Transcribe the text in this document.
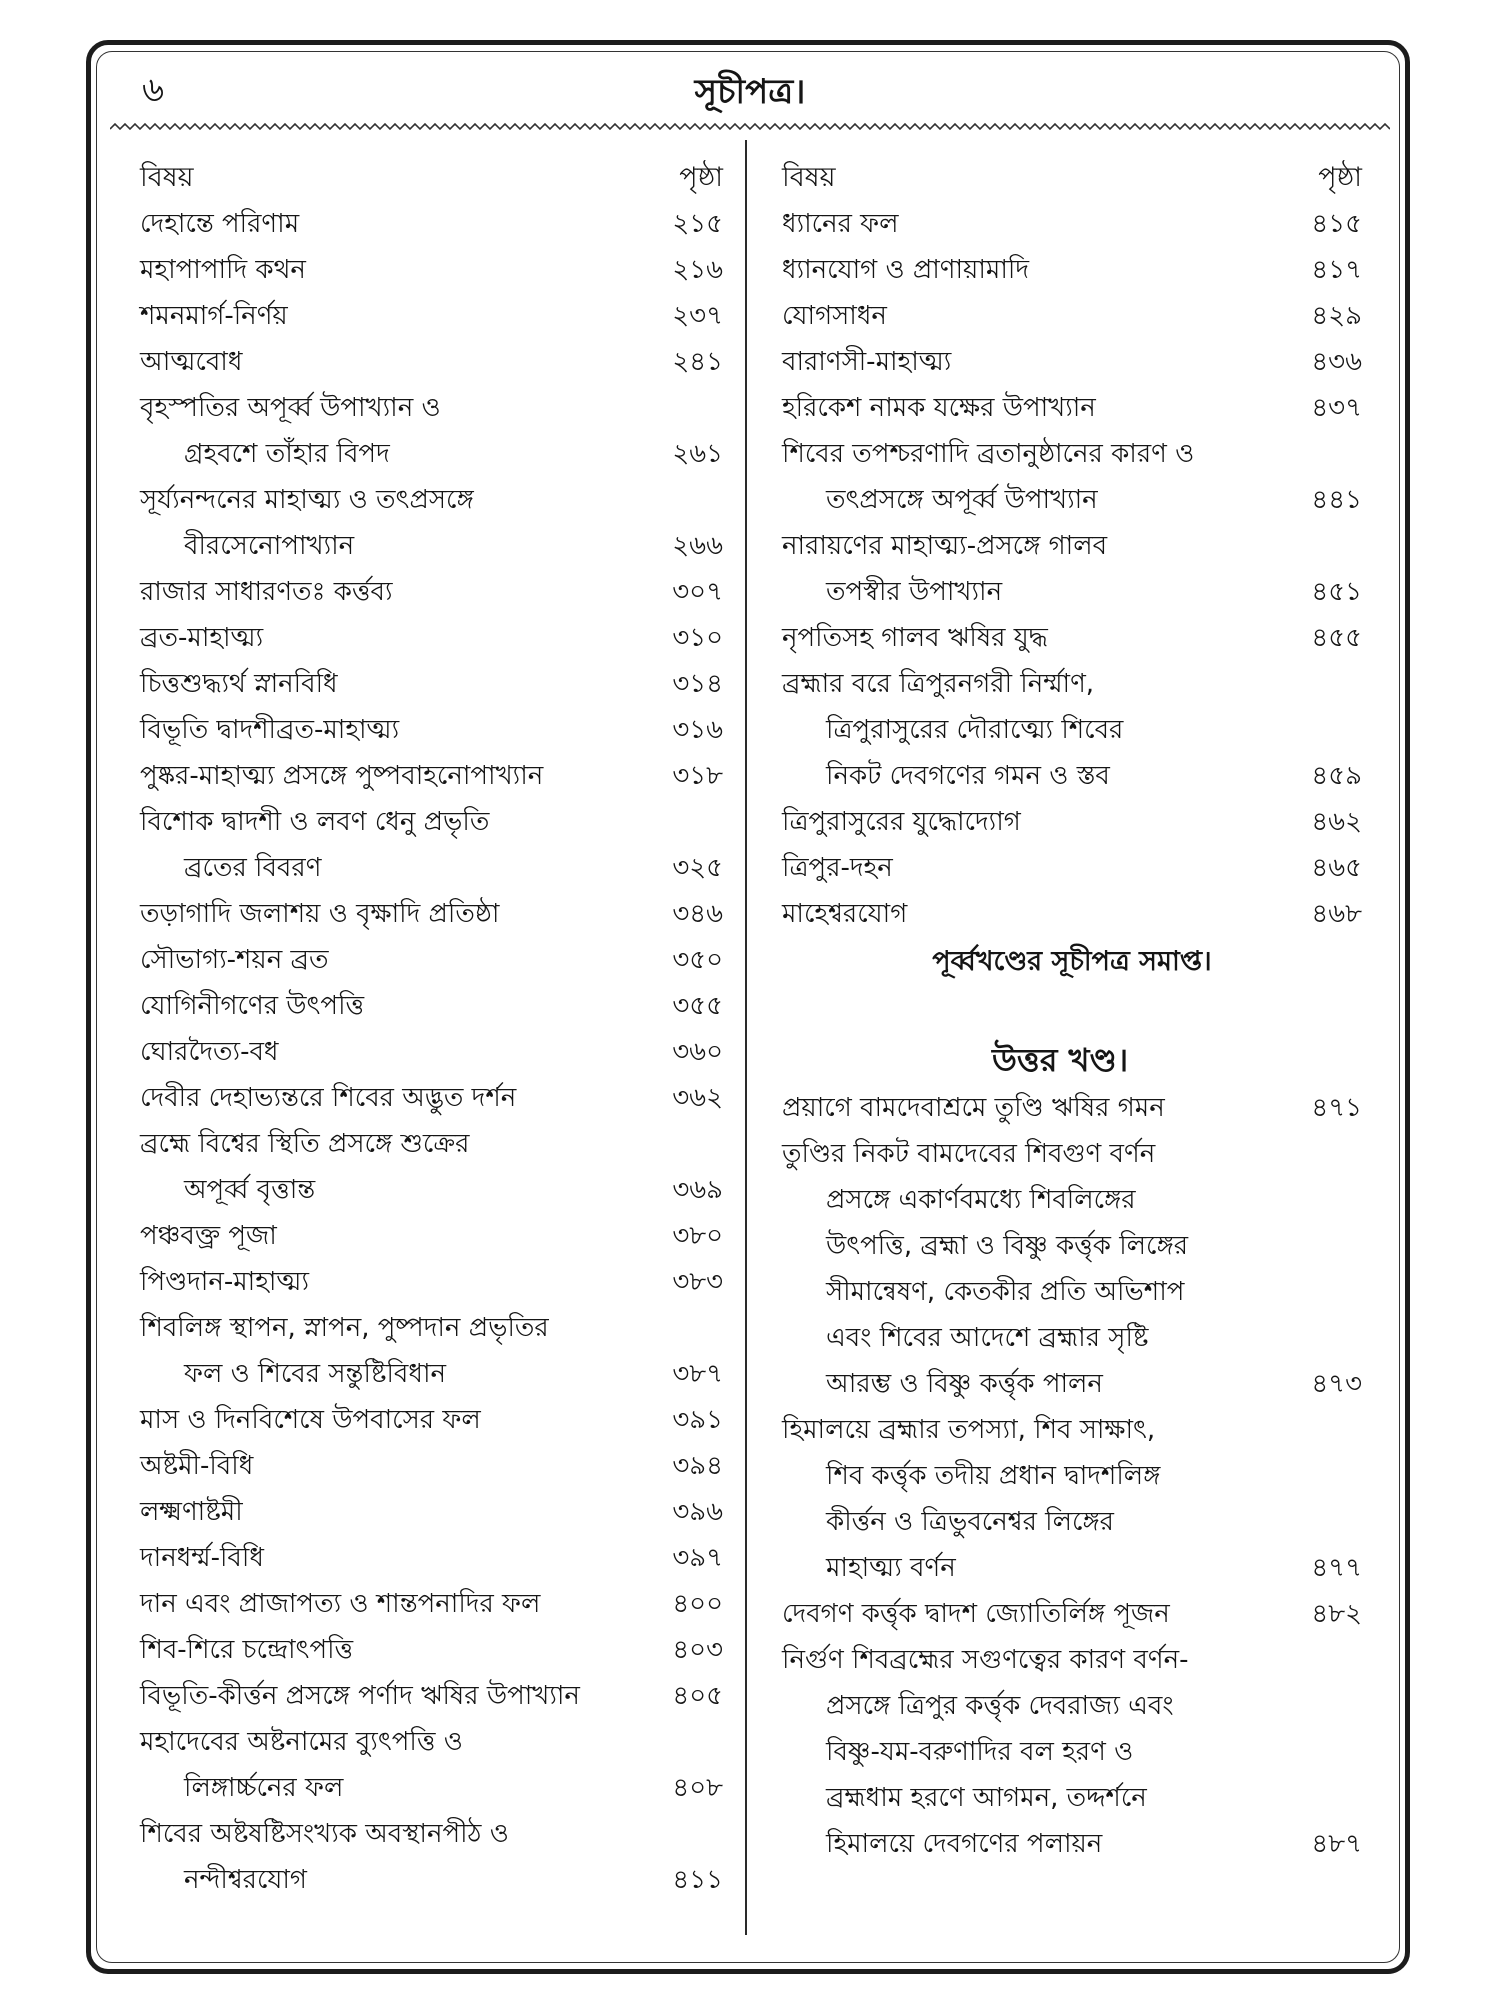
৬	সূচীপত্র।
বিষয়	পৃষ্ঠা
দেহান্তে পরিণাম	২১৫
মহাপাপাদি কথন	২১৬
শমনমার্গ-নির্ণয়	২৩৭
আত্মবোধ	২৪১
বৃহস্পতির অপূর্ব্ব উপাখ্যান ও
গ্রহবশে তাঁহার বিপদ	২৬১
সূর্য্যনন্দনের মাহাত্ম্য ও তৎপ্রসঙ্গে
বীরসেনোপাখ্যান	২৬৬
রাজার সাধারণতঃ কর্ত্তব্য	৩০৭
ব্রত-মাহাত্ম্য	৩১০
চিত্তশুদ্ধ্যর্থ স্নানবিধি	৩১৪
বিভূতি দ্বাদশীব্রত-মাহাত্ম্য	৩১৬
পুষ্কর-মাহাত্ম্য প্রসঙ্গে পুষ্পবাহনোপাখ্যান	৩১৮
বিশোক দ্বাদশী ও লবণ ধেনু প্রভৃতি
ব্রতের বিবরণ	৩২৫
তড়াগাদি জলাশয় ও বৃক্ষাদি প্রতিষ্ঠা	৩৪৬
সৌভাগ্য-শয়ন ব্রত	৩৫০
যোগিনীগণের উৎপত্তি	৩৫৫
ঘোরদৈত্য-বধ	৩৬০
দেবীর দেহাভ্যন্তরে শিবের অদ্ভুত দর্শন	৩৬২
ব্রহ্মে বিশ্বের স্থিতি প্রসঙ্গে শুক্রের
অপূর্ব্ব বৃত্তান্ত	৩৬৯
পঞ্চবক্ত্র পূজা	৩৮০
পিণ্ডদান-মাহাত্ম্য	৩৮৩
শিবলিঙ্গ স্থাপন, স্নাপন, পুষ্পদান প্রভৃতির
ফল ও শিবের সন্তুষ্টিবিধান	৩৮৭
মাস ও দিনবিশেষে উপবাসের ফল	৩৯১
অষ্টমী-বিধি	৩৯৪
লক্ষ্মণাষ্টমী	৩৯৬
দানধর্ম্ম-বিধি	৩৯৭
দান এবং প্রাজাপত্য ও শান্তপনাদির ফল	৪০০
শিব-শিরে চন্দ্রোৎপত্তি	৪০৩
বিভূতি-কীর্ত্তন প্রসঙ্গে পর্ণাদ ঋষির উপাখ্যান	৪০৫
মহাদেবের অষ্টনামের ব্যুৎপত্তি ও
লিঙ্গার্চ্চনের ফল	৪০৮
শিবের অষ্টষষ্টিসংখ্যক অবস্থানপীঠ ও
নন্দীশ্বরযোগ	৪১১
বিষয়	পৃষ্ঠা
ধ্যানের ফল	৪১৫
ধ্যানযোগ ও প্রাণায়ামাদি	৪১৭
যোগসাধন	৪২৯
বারাণসী-মাহাত্ম্য	৪৩৬
হরিকেশ নামক যক্ষের উপাখ্যান	৪৩৭
শিবের তপশ্চরণাদি ব্রতানুষ্ঠানের কারণ ও
তৎপ্রসঙ্গে অপূর্ব্ব উপাখ্যান	৪৪১
নারায়ণের মাহাত্ম্য-প্রসঙ্গে গালব
তপস্বীর উপাখ্যান	৪৫১
নৃপতিসহ গালব ঋষির যুদ্ধ	৪৫৫
ব্রহ্মার বরে ত্রিপুরনগরী নির্ম্মাণ,
ত্রিপুরাসুরের দৌরাত্ম্যে শিবের
নিকট দেবগণের গমন ও স্তব	৪৫৯
ত্রিপুরাসুরের যুদ্ধোদ্যোগ	৪৬২
ত্রিপুর-দহন	৪৬৫
মাহেশ্বরযোগ	৪৬৮
পূর্ব্বখণ্ডের সূচীপত্র সমাপ্ত।
উত্তর খণ্ড।
প্রয়াগে বামদেবাশ্রমে তুণ্ডি ঋষির গমন	৪৭১
তুণ্ডির নিকট বামদেবের শিবগুণ বর্ণন
প্রসঙ্গে একার্ণবমধ্যে শিবলিঙ্গের
উৎপত্তি, ব্রহ্মা ও বিষ্ণু কর্ত্তৃক লিঙ্গের
সীমান্বেষণ, কেতকীর প্রতি অভিশাপ
এবং শিবের আদেশে ব্রহ্মার সৃষ্টি
আরম্ভ ও বিষ্ণু কর্ত্তৃক পালন	৪৭৩
হিমালয়ে ব্রহ্মার তপস্যা, শিব সাক্ষাৎ,
শিব কর্ত্তৃক তদীয় প্রধান দ্বাদশলিঙ্গ
কীর্ত্তন ও ত্রিভুবনেশ্বর লিঙ্গের
মাহাত্ম্য বর্ণন	৪৭৭
দেবগণ কর্ত্তৃক দ্বাদশ জ্যোতির্লিঙ্গ পূজন	৪৮২
নির্গুণ শিবব্রহ্মের সগুণত্বের কারণ বর্ণন-
প্রসঙ্গে ত্রিপুর কর্ত্তৃক দেবরাজ্য এবং
বিষ্ণু-যম-বরুণাদির বল হরণ ও
ব্রহ্মধাম হরণে আগমন, তদ্দর্শনে
হিমালয়ে দেবগণের পলায়ন	৪৮৭
